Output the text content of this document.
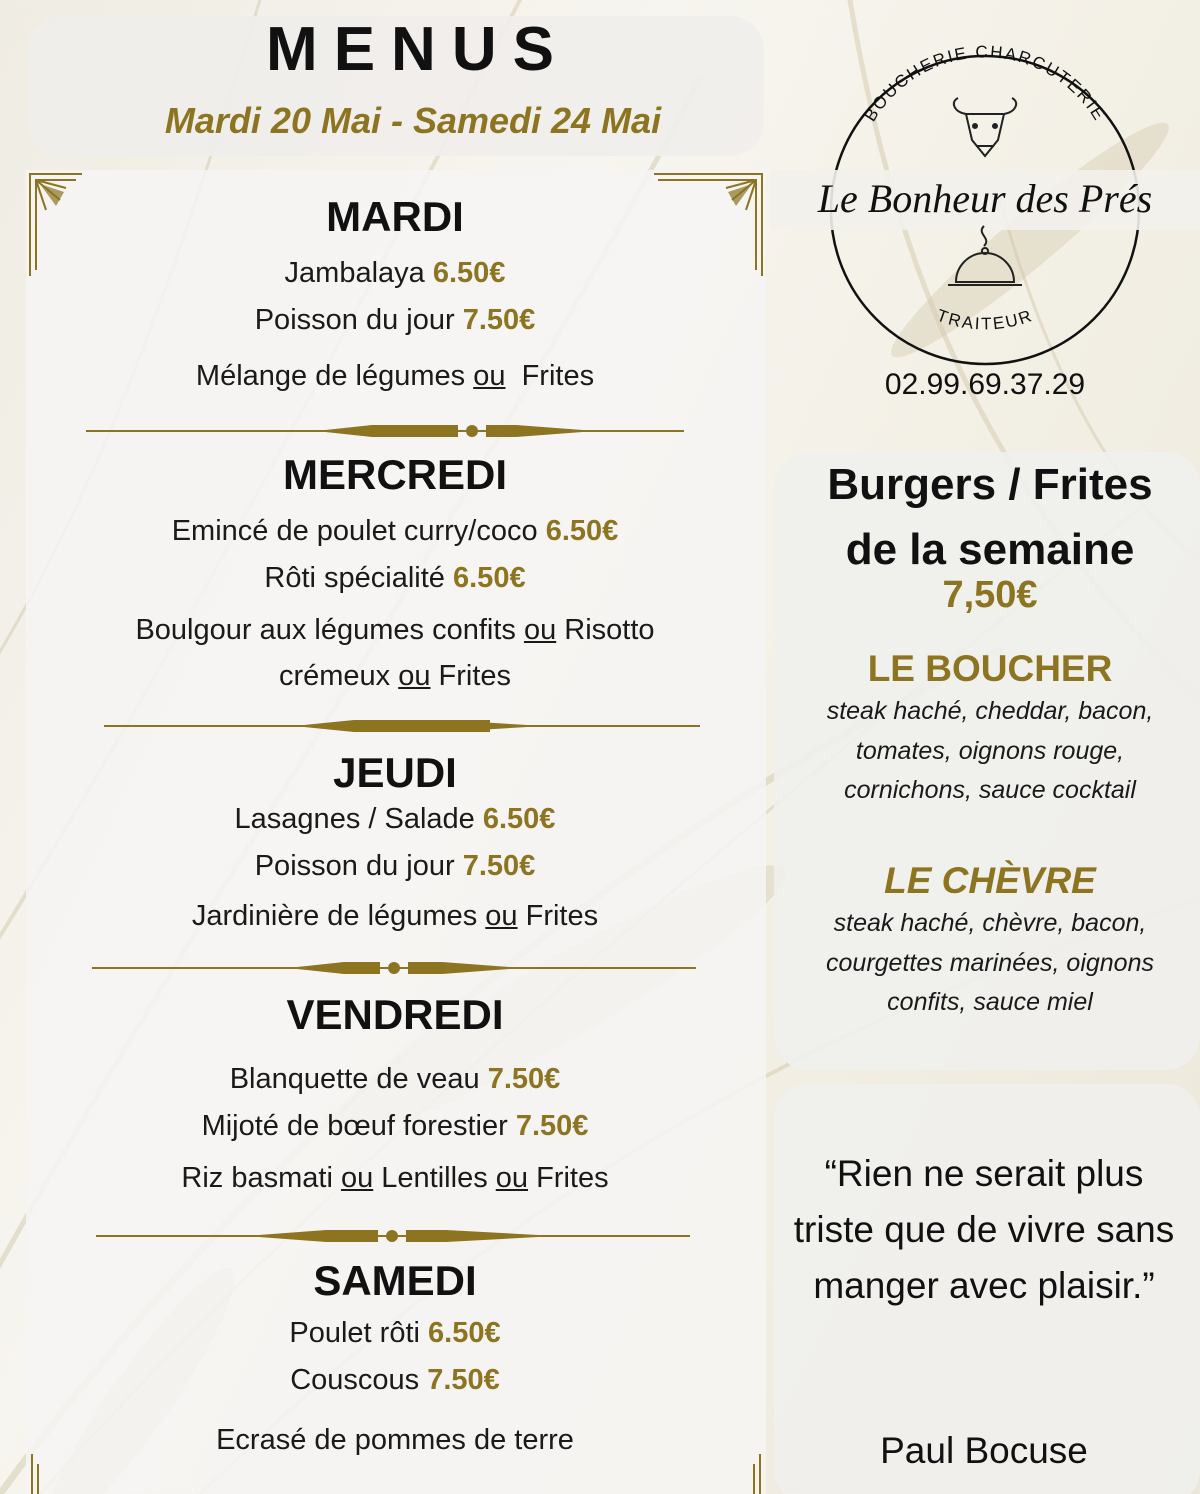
MENUS
Mardi 20 Mai - Samedi 24 Mai
MARDI
Jambalaya 6.50€
Poisson du jour 7.50€
Mélange de légumes ou  Frites
MERCREDI
Emincé de poulet curry/coco 6.50€
Rôti spécialité 6.50€
Boulgour aux légumes confits ou Risotto
crémeux ou Frites
JEUDI
Lasagnes / Salade 6.50€
Poisson du jour 7.50€
Jardinière de légumes ou Frites
VENDREDI
Blanquette de veau 7.50€
Mijoté de bœuf forestier 7.50€
Riz basmati ou Lentilles ou Frites
SAMEDI
Poulet rôti 6.50€
Couscous 7.50€
Ecrasé de pommes de terre
BOUCHERIE CHARCUTERIE
Le Bonheur des Prés
TRAITEUR
02.99.69.37.29
Burgers / Frites
de la semaine
7,50€
LE BOUCHER
steak haché, cheddar, bacon, tomates, oignons rouge, cornichons, sauce cocktail
LE CHÈVRE
steak haché, chèvre, bacon, courgettes marinées, oignons confits, sauce miel
“Rien ne serait plus triste que de vivre sans manger avec plaisir.”
Paul Bocuse
